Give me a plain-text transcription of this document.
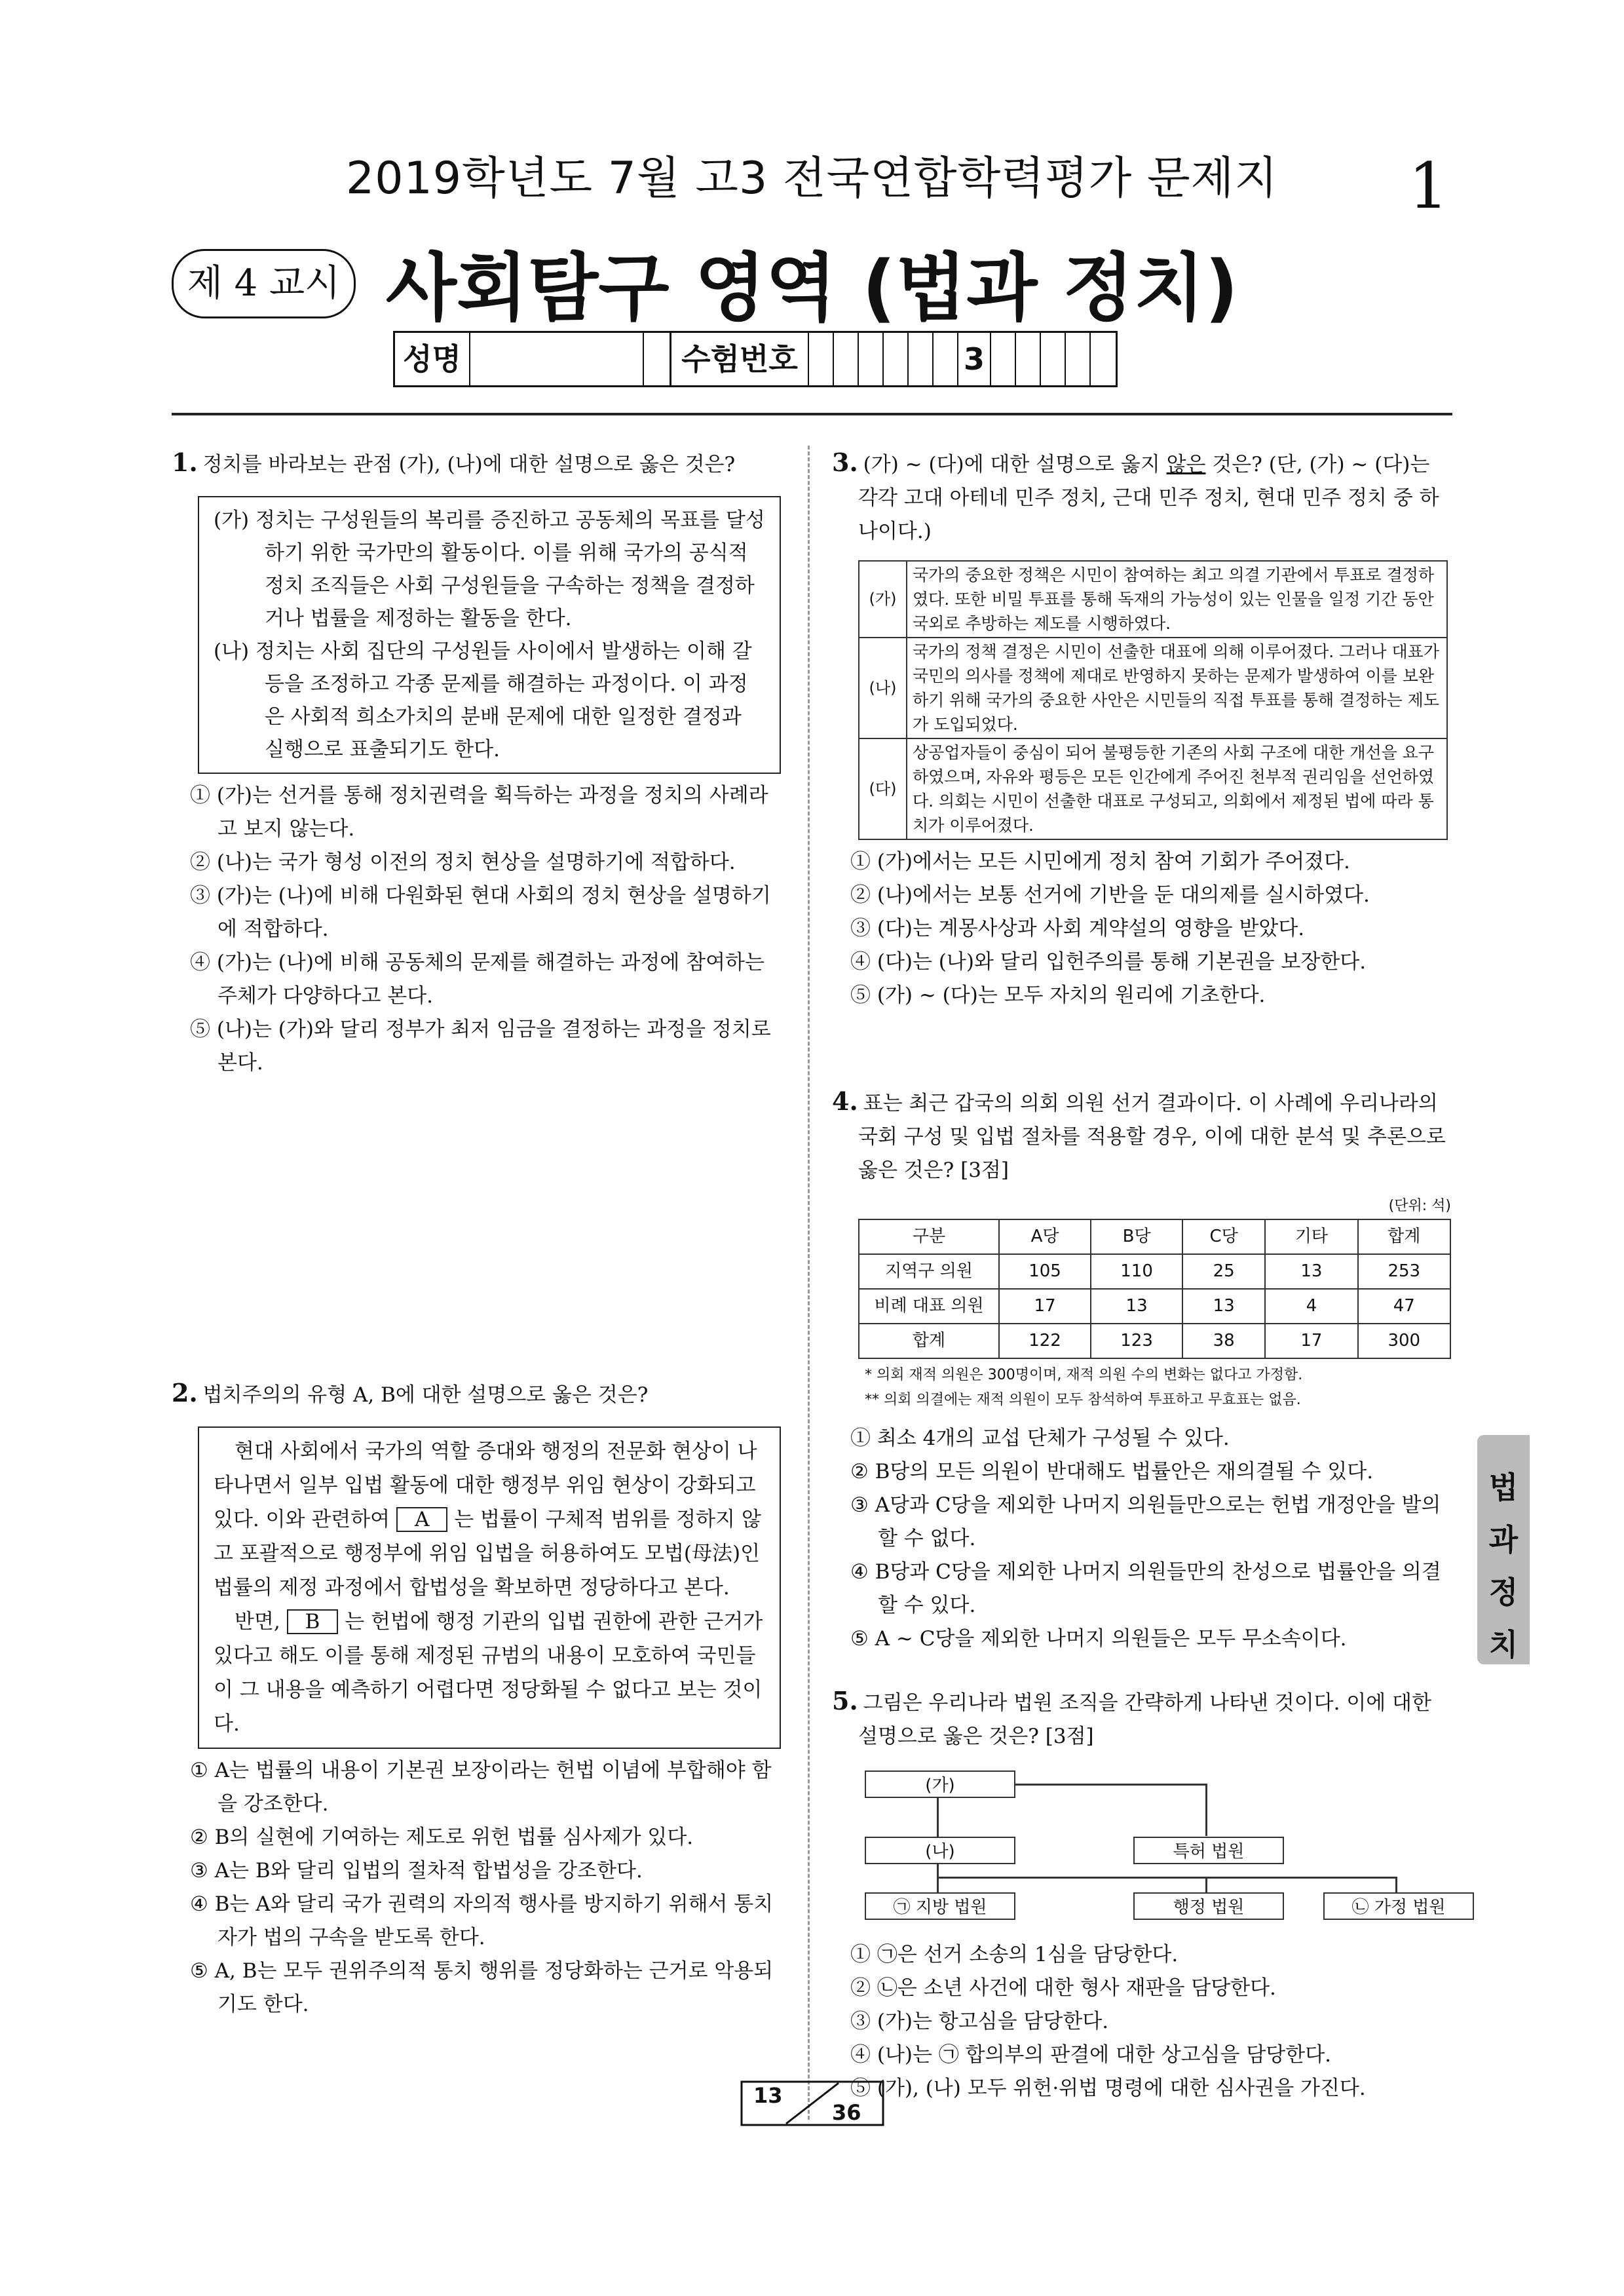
2019학년도 7월 고3 전국연합학력평가 문제지	1
제 4 교시 사회탐구 영역 (법과 정치)
성명	수험번호	3

1. 정치를 바라보는 관점 (가), (나)에 대한 설명으로 옳은 것은?

(가) 정치는 구성원들의 복리를 증진하고 공동체의 목표를 달성하기 위한 국가만의 활동이다. 이를 위해 국가의 공식적 정치 조직들은 사회 구성원들을 구속하는 정책을 결정하거나 법률을 제정하는 활동을 한다.

(나) 정치는 사회 집단의 구성원들 사이에서 발생하는 이해 갈등을 조정하고 각종 문제를 해결하는 과정이다. 이 과정은 사회적 희소가치의 분배 문제에 대한 일정한 결정과 실행으로 표출되기도 한다.

① (가)는 선거를 통해 정치권력을 획득하는 과정을 정치의 사례라고 보지 않는다.

② (나)는 국가 형성 이전의 정치 현상을 설명하기에 적합하다.

③ (가)는 (나)에 비해 다원화된 현대 사회의 정치 현상을 설명하기에 적합하다.

④ (가)는 (나)에 비해 공동체의 문제를 해결하는 과정에 참여하는 주체가 다양하다고 본다.

⑤ (나)는 (가)와 달리 정부가 최저 임금을 결정하는 과정을 정치로 본다.

2. 법치주의의 유형 A, B에 대한 설명으로 옳은 것은?

현대 사회에서 국가의 역할 증대와 행정의 전문화 현상이 나타나면서 일부 입법 활동에 대한 행정부 위임 현상이 강화되고 있다. 이와 관련하여 A 는 법률이 구체적 범위를 정하지 않고 포괄적으로 행정부에 위임 입법을 허용하여도 모법(母法)인 법률의 제정 과정에서 합법성을 확보하면 정당하다고 본다.
반면, B 는 헌법에 행정 기관의 입법 권한에 관한 근거가 있다고 해도 이를 통해 제정된 규범의 내용이 모호하여 국민들이 그 내용을 예측하기 어렵다면 정당화될 수 없다고 보는 것이다.

① A는 법률의 내용이 기본권 보장이라는 헌법 이념에 부합해야 함을 강조한다.

② B의 실현에 기여하는 제도로 위헌 법률 심사제가 있다.

③ A는 B와 달리 입법의 절차적 합법성을 강조한다.

④ B는 A와 달리 국가 권력의 자의적 행사를 방지하기 위해서 통치자가 법의 구속을 받도록 한다.

⑤ A, B는 모두 권위주의적 통치 행위를 정당화하는 근거로 악용되기도 한다.

3. (가) ~ (다)에 대한 설명으로 옳지 않은 것은? (단, (가) ~ (다)는 각각 고대 아테네 민주 정치, 근대 민주 정치, 현대 민주 정치 중 하나이다.)

(가)	국가의 중요한 정책은 시민이 참여하는 최고 의결 기관에서 투표로 결정하였다. 또한 비밀 투표를 통해 독재의 가능성이 있는 인물을 일정 기간 동안 국외로 추방하는 제도를 시행하였다.
(나)	국가의 정책 결정은 시민이 선출한 대표에 의해 이루어졌다. 그러나 대표가 국민의 의사를 정책에 제대로 반영하지 못하는 문제가 발생하여 이를 보완하기 위해 국가의 중요한 사안은 시민들의 직접 투표를 통해 결정하는 제도가 도입되었다.
(다)	상공업자들이 중심이 되어 불평등한 기존의 사회 구조에 대한 개선을 요구하였으며, 자유와 평등은 모든 인간에게 주어진 천부적 권리임을 선언하였다. 의회는 시민이 선출한 대표로 구성되고, 의회에서 제정된 법에 따라 통치가 이루어졌다.

① (가)에서는 모든 시민에게 정치 참여 기회가 주어졌다.

② (나)에서는 보통 선거에 기반을 둔 대의제를 실시하였다.

③ (다)는 계몽사상과 사회 계약설의 영향을 받았다.

④ (다)는 (나)와 달리 입헌주의를 통해 기본권을 보장한다.

⑤ (가) ~ (다)는 모두 자치의 원리에 기초한다.

4. 표는 최근 갑국의 의회 의원 선거 결과이다. 이 사례에 우리나라의 국회 구성 및 입법 절차를 적용할 경우, 이에 대한 분석 및 추론으로 옳은 것은? [3점]

(단위: 석)
구분	A당	B당	C당	기타	합계
지역구 의원	105	110	25	13	253
비례 대표 의원	17	13	13	4	47
합계	122	123	38	17	300
* 의회 재적 의원은 300명이며, 재적 의원 수의 변화는 없다고 가정함.
** 의회 의결에는 재적 의원이 모두 참석하여 투표하고 무효표는 없음.

① 최소 4개의 교섭 단체가 구성될 수 있다.

② B당의 모든 의원이 반대해도 법률안은 재의결될 수 있다.

③ A당과 C당을 제외한 나머지 의원들만으로는 헌법 개정안을 발의할 수 없다.

④ B당과 C당을 제외한 나머지 의원들만의 찬성으로 법률안을 의결할 수 있다.

⑤ A ~ C당을 제외한 나머지 의원들은 모두 무소속이다.

5. 그림은 우리나라 법원 조직을 간략하게 나타낸 것이다. 이에 대한 설명으로 옳은 것은? [3점]

(가)
(나)	특허 법원
㉠ 지방 법원	행정 법원	㉡ 가정 법원

① ㉠은 선거 소송의 1심을 담당한다.

② ㉡은 소년 사건에 대한 형사 재판을 담당한다.

③ (가)는 항고심을 담당한다.

④ (나)는 ㉠ 합의부의 판결에 대한 상고심을 담당한다.

⑤ (가), (나) 모두 위헌·위법 명령에 대한 심사권을 가진다.

법
과
정
치
13
36
